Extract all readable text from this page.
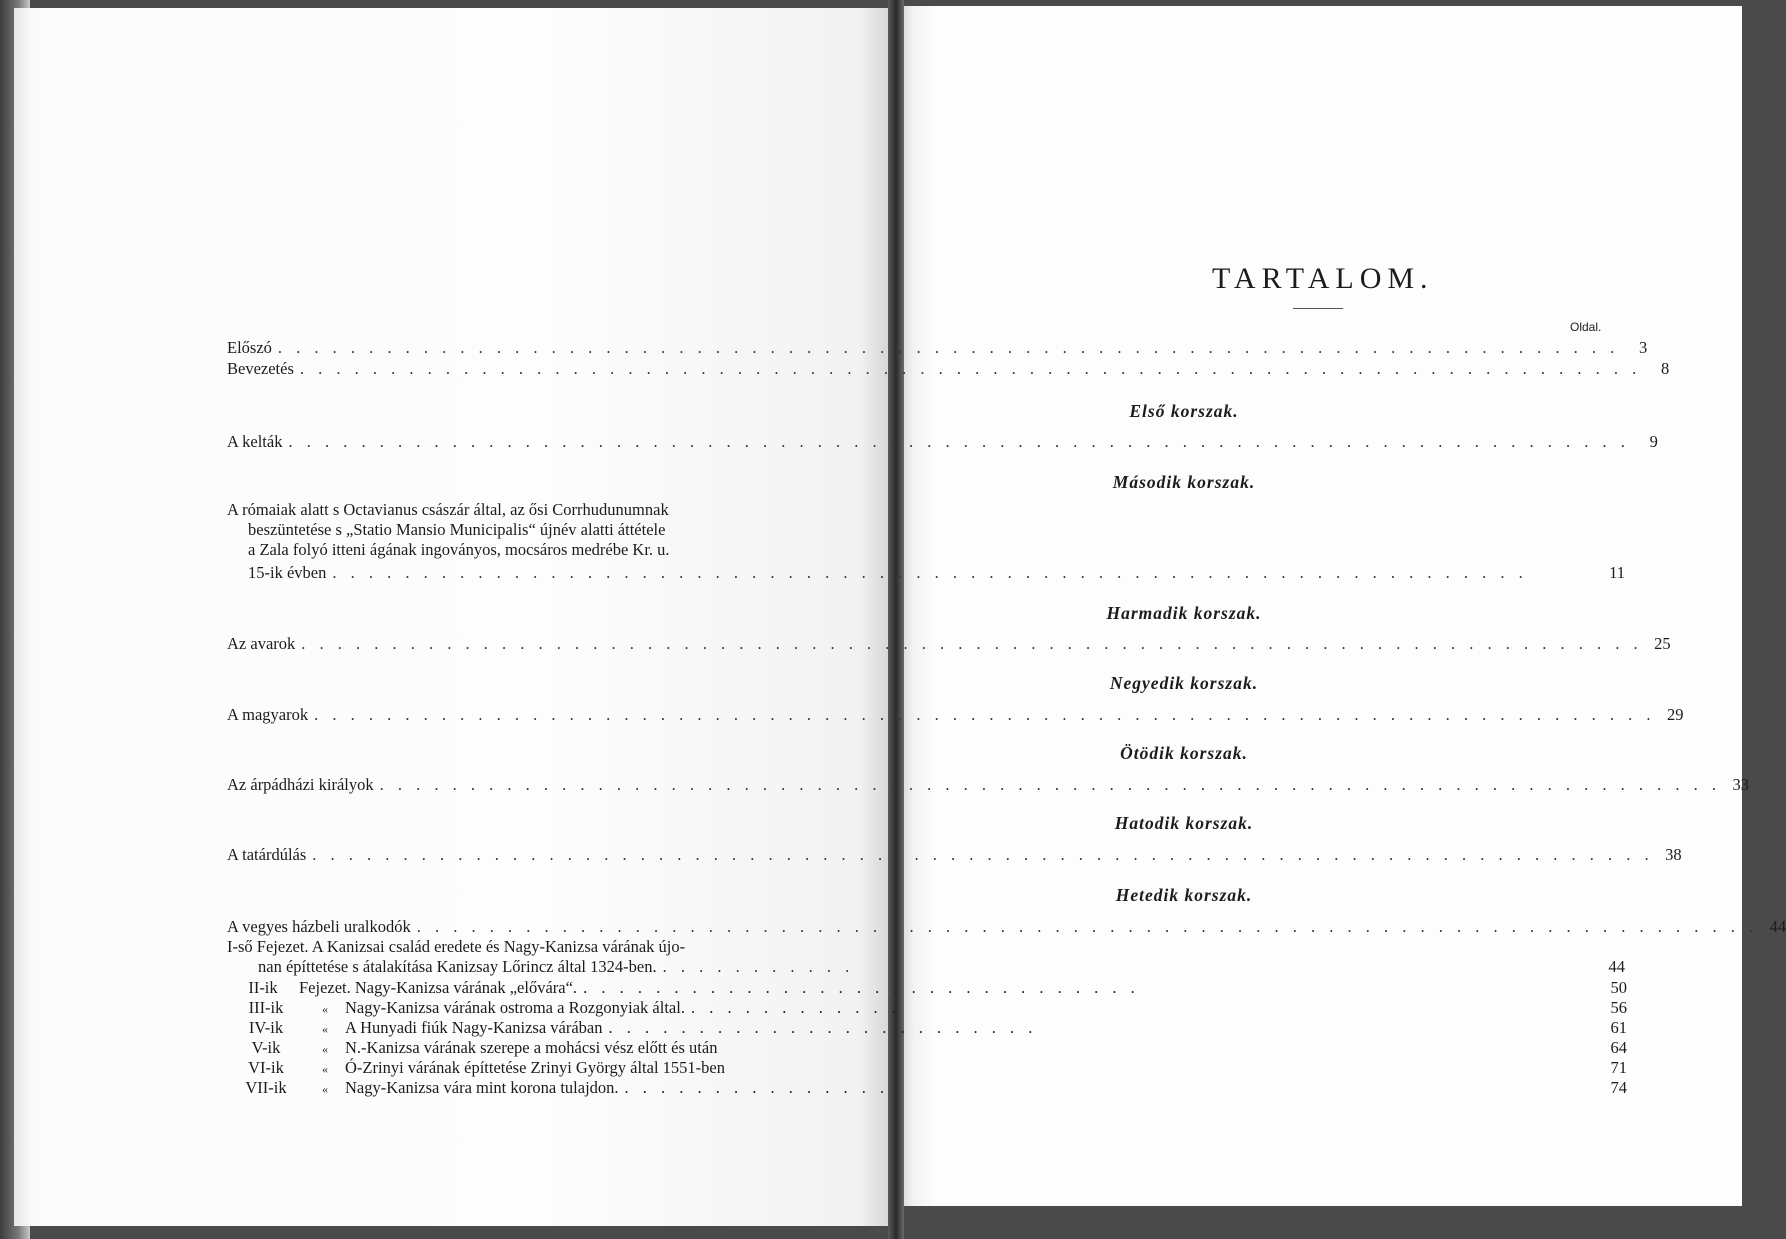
TARTALOM.
Oldal.
Előszó . . . . . . . . . . . . . . . . . . . . . . . . . . . . . . . . . . . . . . . . . . . . . . . . . . . . . . . . . . . . . . . . . . . . . . . . . .	3
Bevezetés . . . . . . . . . . . . . . . . . . . . . . . . . . . . . . . . . . . . . . . . . . . . . . . . . . . . . . . . . . . . . . . . . . . . . . . . . .	8
Első korszak.
A kelták . . . . . . . . . . . . . . . . . . . . . . . . . . . . . . . . . . . . . . . . . . . . . . . . . . . . . . . . . . . . . . . . . . . . . . . . . .	9
Második korszak.
A rómaiak alatt s Octavianus császár által, az ősi Corrhudunumnak
beszüntetése s „Statio Mansio Municipalis“ újnév alatti áttétele
a Zala folyó itteni ágának ingoványos, mocsáros medrébe Kr. u.
15-ik évben . . . . . . . . . . . . . . . . . . . . . . . . . . . . . . . . . . . . . . . . . . . . . . . . . . . . . . . . . . . . . . . . . .	11
Harmadik korszak.
Az avarok . . . . . . . . . . . . . . . . . . . . . . . . . . . . . . . . . . . . . . . . . . . . . . . . . . . . . . . . . . . . . . . . . . . . . . . . . . 25
Negyedik korszak.
A magyarok . . . . . . . . . . . . . . . . . . . . . . . . . . . . . . . . . . . . . . . . . . . . . . . . . . . . . . . . . . . . . . . . . . . . . . . . . . 29
Ötödik korszak.
Az árpádházi királyok . . . . . . . . . . . . . . . . . . . . . . . . . . . . . . . . . . . . . . . . . . . . . . . . . . . . . . . . . . . . . . . . . . . . . . . . . . 33
Hatodik korszak.
A tatárdúlás . . . . . . . . . . . . . . . . . . . . . . . . . . . . . . . . . . . . . . . . . . . . . . . . . . . . . . . . . . . . . . . . . . . . . . . . . . 38
Hetedik korszak.
A vegyes házbeli uralkodók . . . . . . . . . . . . . . . . . . . . . . . . . . . . . . . . . . . . . . . . . . . . . . . . . . . . . . . . . . . . . . . . . . . . . . . . . . 44
I-ső Fejezet. A Kanizsai család eredete és Nagy-Kanizsa várának újo-
nan építtetése s átalakítása Kanizsay Lőrincz által 1324-ben. . . . . . . . . . . .	44
II-ik	Fejezet. Nagy-Kanizsa várának „elővára“. . . . . . . . . . . . . . . . . . . . . . . . . . . . . . . .	50
III-ik	«	Nagy-Kanizsa várának ostroma a Rozgonyiak által. . . . . . . . . . . . .	56
IV-ik	«	A Hunyadi fiúk Nagy-Kanizsa várában . . . . . . . . . . . . . . . . . . . . . . . .	61
V-ik	«	N.-Kanizsa várának szerepe a mohácsi vész előtt és után	64
VI-ik	«	Ó-Zrinyi várának építtetése Zrinyi György által 1551-ben	71
VII-ik	«	Nagy-Kanizsa vára mint korona tulajdon. . . . . . . . . . . . . . . .	74
